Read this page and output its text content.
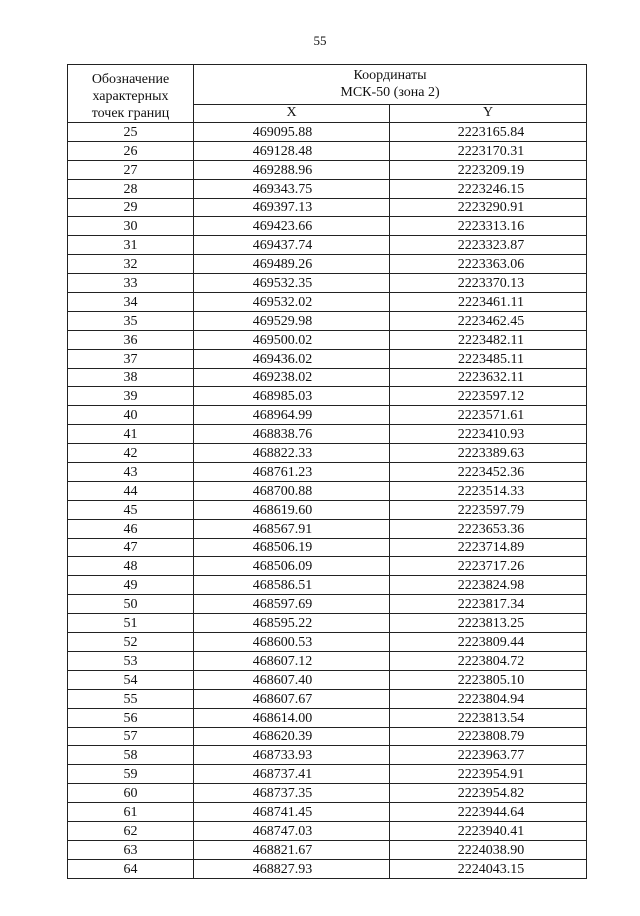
55
Обозначение
характерных
точек границ	Координаты
МСК-50 (зона 2)	

	X	Y
25	469095.88	2223165.84
26	469128.48	2223170.31
27	469288.96	2223209.19
28	469343.75	2223246.15
29	469397.13	2223290.91
30	469423.66	2223313.16
31	469437.74	2223323.87
32	469489.26	2223363.06
33	469532.35	2223370.13
34	469532.02	2223461.11
35	469529.98	2223462.45
36	469500.02	2223482.11
37	469436.02	2223485.11
38	469238.02	2223632.11
39	468985.03	2223597.12
40	468964.99	2223571.61
41	468838.76	2223410.93
42	468822.33	2223389.63
43	468761.23	2223452.36
44	468700.88	2223514.33
45	468619.60	2223597.79
46	468567.91	2223653.36
47	468506.19	2223714.89
48	468506.09	2223717.26
49	468586.51	2223824.98
50	468597.69	2223817.34
51	468595.22	2223813.25
52	468600.53	2223809.44
53	468607.12	2223804.72
54	468607.40	2223805.10
55	468607.67	2223804.94
56	468614.00	2223813.54
57	468620.39	2223808.79
58	468733.93	2223963.77
59	468737.41	2223954.91
60	468737.35	2223954.82
61	468741.45	2223944.64
62	468747.03	2223940.41
63	468821.67	2224038.90
64	468827.93	2224043.15
